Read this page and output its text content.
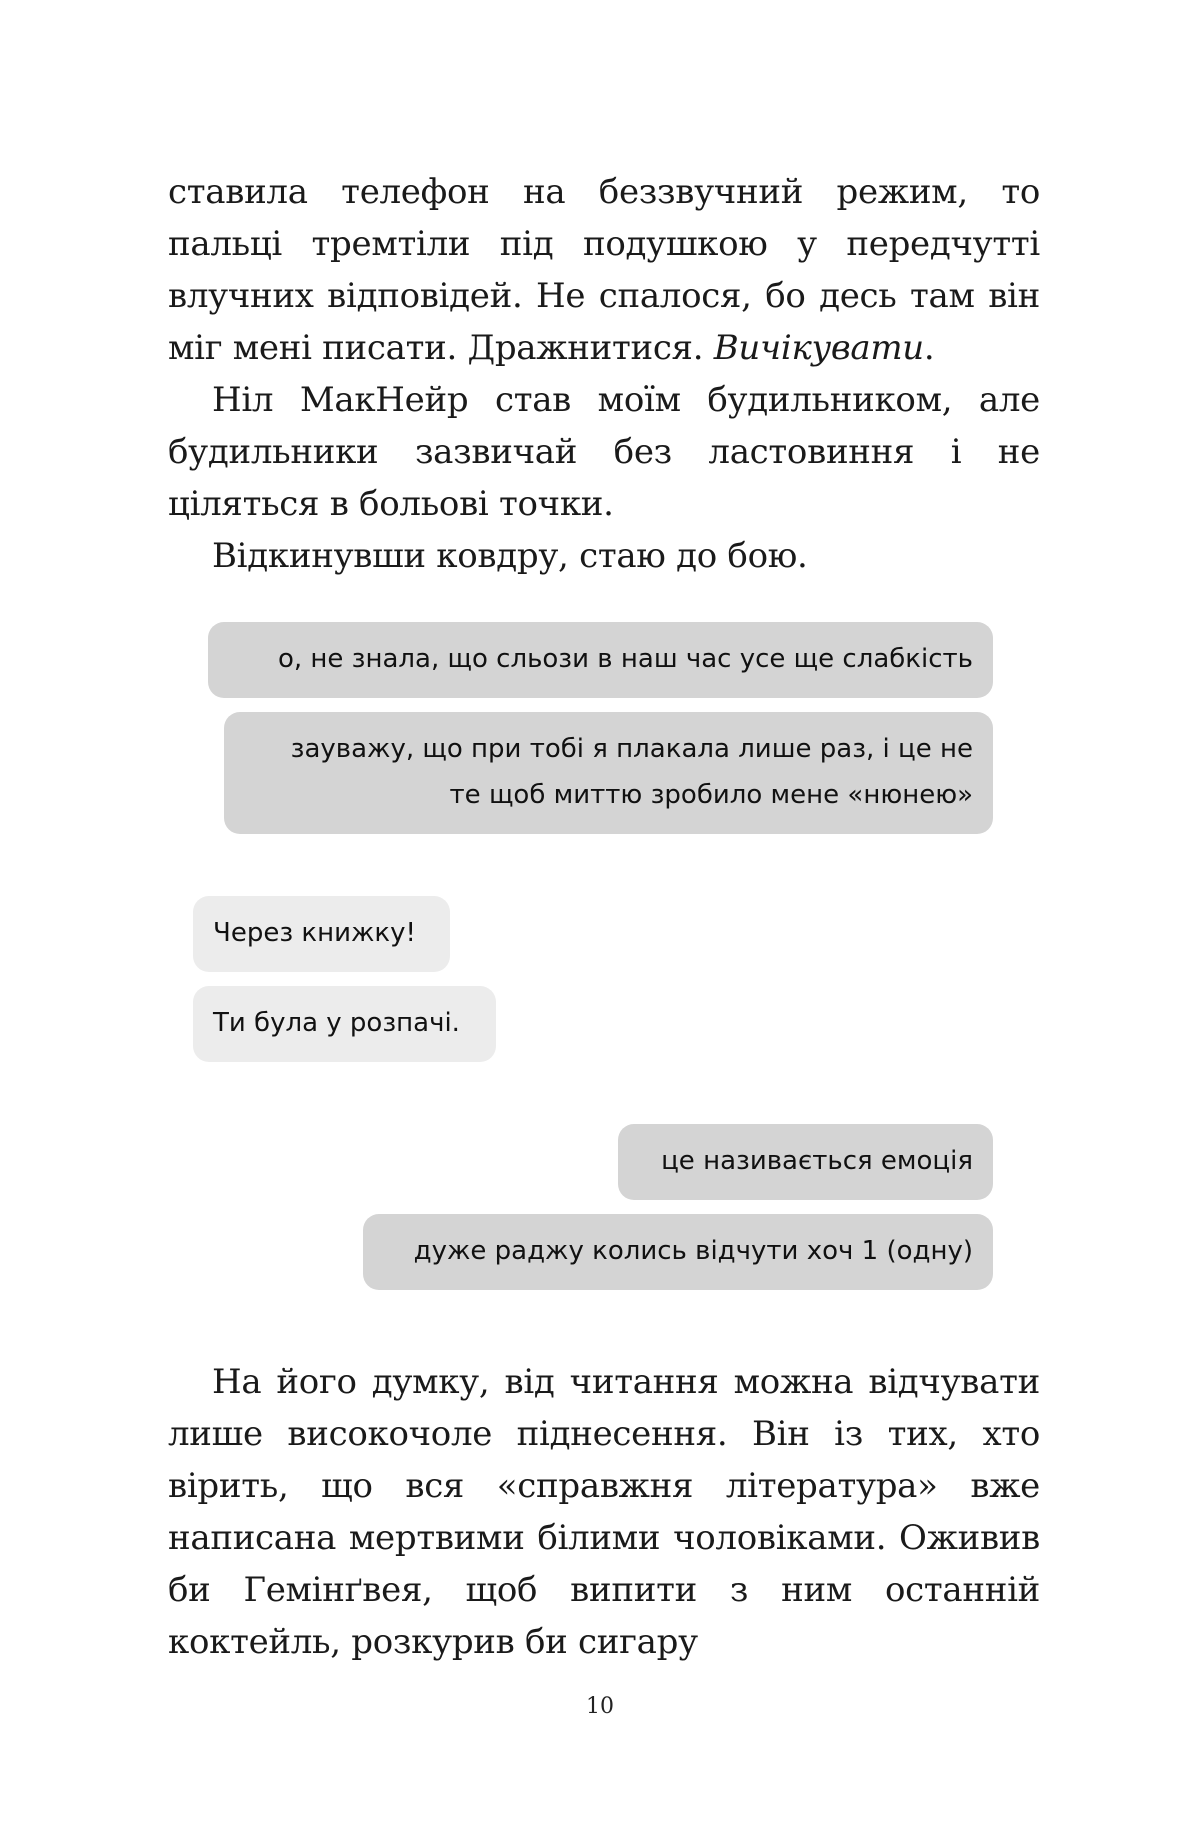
ставила телефон на беззвучний режим, то пальці тремтіли під подушкою у передчутті влучних відповідей. Не спалося, бо десь там він міг мені писати. Дражнитися. Вичікувати.

Ніл МакНейр став моїм будильником, але будильники зазвичай без ластовиння і не ціляться в больові точки.

Відкинувши ковдру, стаю до бою.

о, не знала, що сльози в наш час усе ще слабкість
зауважу, що при тобі я плакала лише раз, і це не
те щоб миттю зробило мене «нюнею»
Через книжку!
Ти була у розпачі.
це називається емоція
дуже раджу колись відчути хоч 1 (одну)

На його думку, від читання можна відчувати лише високочоле піднесення. Він із тих, хто вірить, що вся «справжня література» вже написана мертвими білими чоловіками. Оживив би Гемінґвея, щоб випити з ним останній коктейль, розкурив би сигару

10
